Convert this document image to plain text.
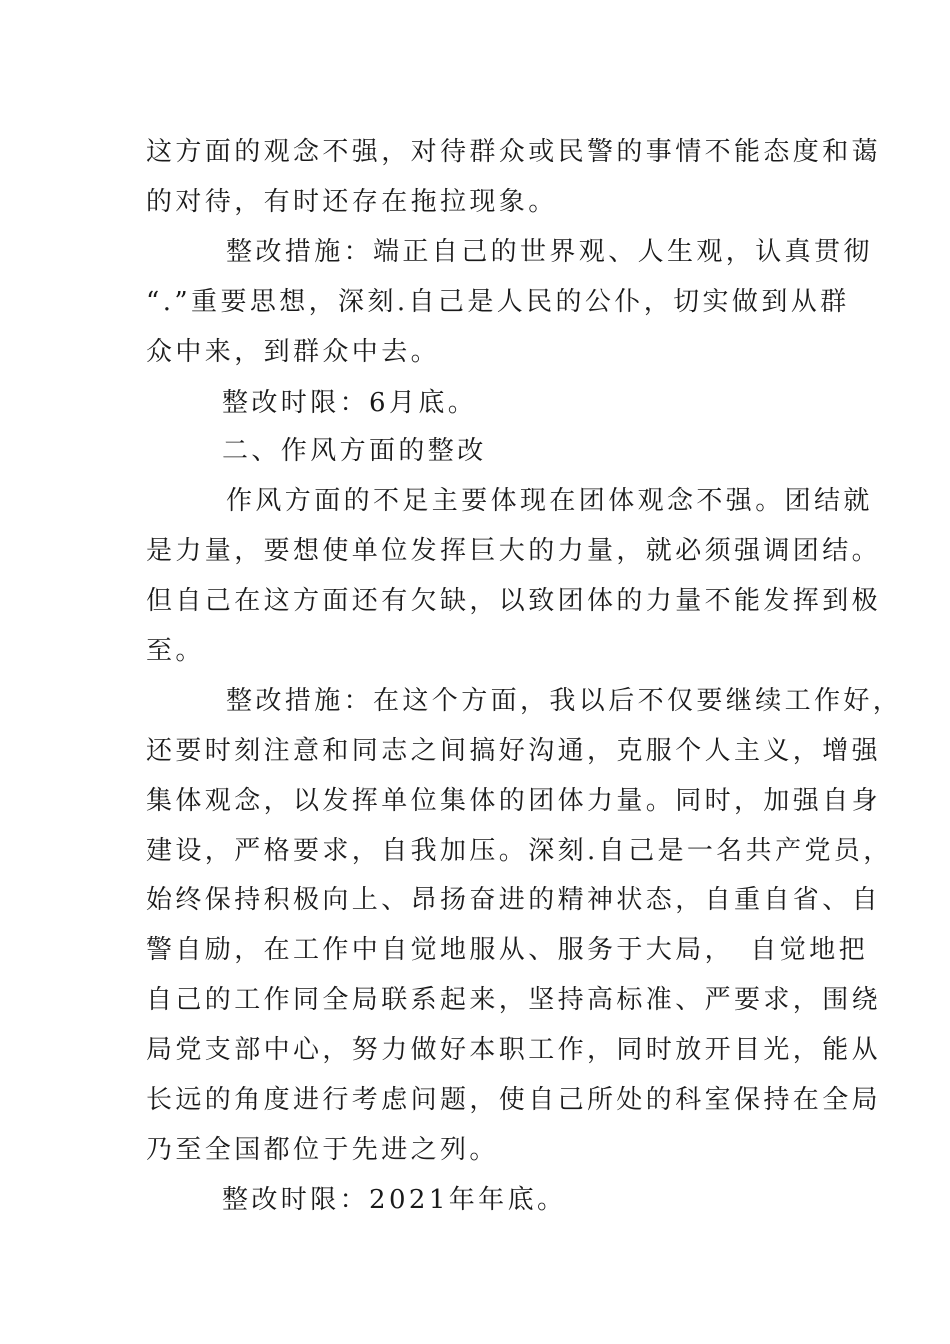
这方面的观念不强，对待群众或民警的事情不能态度和蔼
的对待，有时还存在拖拉现象。
整改措施：端正自己的世界观、人生观，认真贯彻
“.”重要思想，深刻.自己是人民的公仆，切实做到从群
众中来，到群众中去。
整改时限：6月底。
二、作风方面的整改
作风方面的不足主要体现在团体观念不强。团结就
是力量，要想使单位发挥巨大的力量，就必须强调团结。
但自己在这方面还有欠缺，以致团体的力量不能发挥到极
至。
整改措施：在这个方面，我以后不仅要继续工作好，
还要时刻注意和同志之间搞好沟通，克服个人主义，增强
集体观念，以发挥单位集体的团体力量。同时，加强自身
建设，严格要求，自我加压。深刻.自己是一名共产党员，
始终保持积极向上、昂扬奋进的精神状态，自重自省、自
警自励，在工作中自觉地服从、服务于大局，　自觉地把
自己的工作同全局联系起来，坚持高标准、严要求，围绕
局党支部中心，努力做好本职工作，同时放开目光，能从
长远的角度进行考虑问题，使自己所处的科室保持在全局
乃至全国都位于先进之列。
整改时限：2021年年底。
